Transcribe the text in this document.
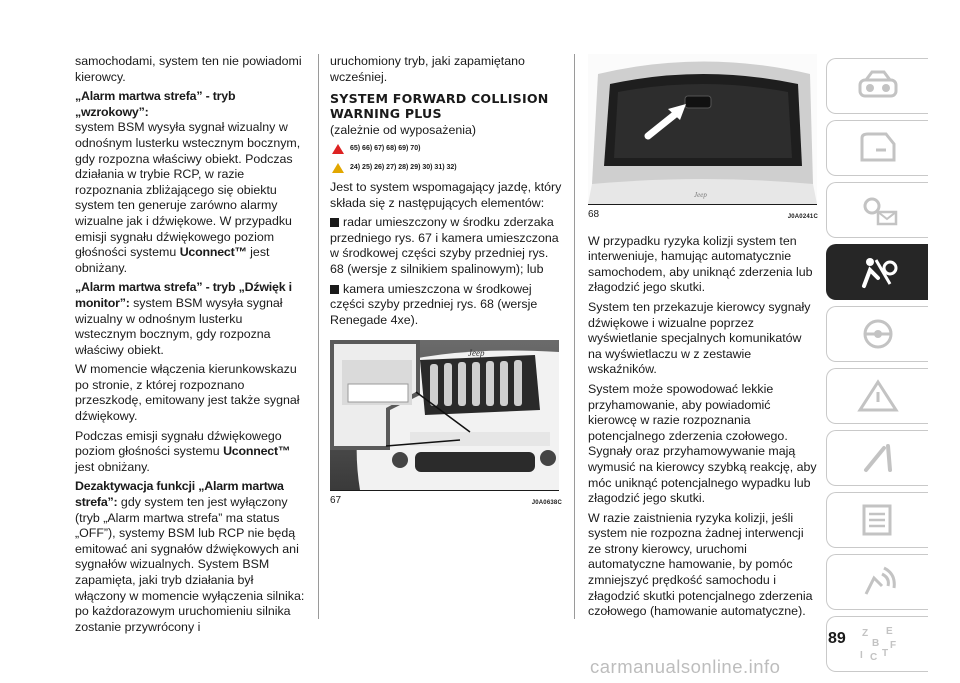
samochodami, system ten nie powiadomi kierowcy.

„Alarm martwa strefa” - tryb „wzrokowy”:
system BSM wysyła sygnał wizualny w odnośnym lusterku wstecznym bocznym, gdy rozpozna właściwy obiekt. Podczas działania w trybie RCP, w razie rozpoznania zbliżającego się obiektu system ten generuje zarówno alarmy wizualne jak i dźwiękowe. W przypadku emisji sygnału dźwiękowego poziom głośności systemu Uconnect™ jest obniżany.

„Alarm martwa strefa” - tryb „Dźwięk i monitor”: system BSM wysyła sygnał wizualny w odnośnym lusterku wstecznym bocznym, gdy rozpozna właściwy obiekt.

W momencie włączenia kierunkowskazu po stronie, z której rozpoznano przeszkodę, emitowany jest także sygnał dźwiękowy.

Podczas emisji sygnału dźwiękowego poziom głośności systemu Uconnect™ jest obniżany.

Dezaktywacja funkcji „Alarm martwa strefa”: gdy system ten jest wyłączony (tryb „Alarm martwa strefa” ma status „OFF”), systemy BSM lub RCP nie będą emitować ani sygnałów dźwiękowych ani sygnałów wizualnych. System BSM zapamięta, jaki tryb działania był włączony w momencie wyłączenia silnika: po każdorazowym uruchomieniu silnika zostanie przywrócony i

uruchomiony tryb, jaki zapamiętano wcześniej.

SYSTEM FORWARD COLLISION WARNING PLUS

(zależnie od wyposażenia)

65) 66) 67) 68) 69) 70)
24) 25) 26) 27) 28) 29) 30) 31) 32)

Jest to system wspomagający jazdę, który składa się z następujących elementów:

radar umieszczony w środku zderzaka przedniego rys. 67 i kamera umieszczona w środkowej części szyby przedniej rys. 68 (wersje z silnikiem spalinowym); lub

kamera umieszczona w środkowej części szyby przedniej rys. 68 (wersje Renegade 4xe).

Jeep
67	J0A0638C
Jeep
68	J0A0241C

W przypadku ryzyka kolizji system ten interweniuje, hamując automatycznie samochodem, aby uniknąć zderzenia lub złagodzić jego skutki.

System ten przekazuje kierowcy sygnały dźwiękowe i wizualne poprzez wyświetlanie specjalnych komunikatów na wyświetlaczu w z zestawie wskaźników.

System może spowodować lekkie przyhamowanie, aby powiadomić kierowcę w razie rozpoznania potencjalnego zderzenia czołowego. Sygnały oraz przyhamowywanie mają wymusić na kierowcy szybką reakcję, aby móc uniknąć potencjalnego wypadku lub złagodzić jego skutki.

W razie zaistnienia ryzyka kolizji, jeśli system nie rozpozna żadnej interwencji ze strony kierowcy, uruchomi automatyczne hamowanie, by pomóc zmniejszyć prędkość samochodu i złagodzić skutki potencjalnego zderzenia czołowego (hamowanie automatyczne).

Z E
B
I C T
F
89
carmanualsonline.info
